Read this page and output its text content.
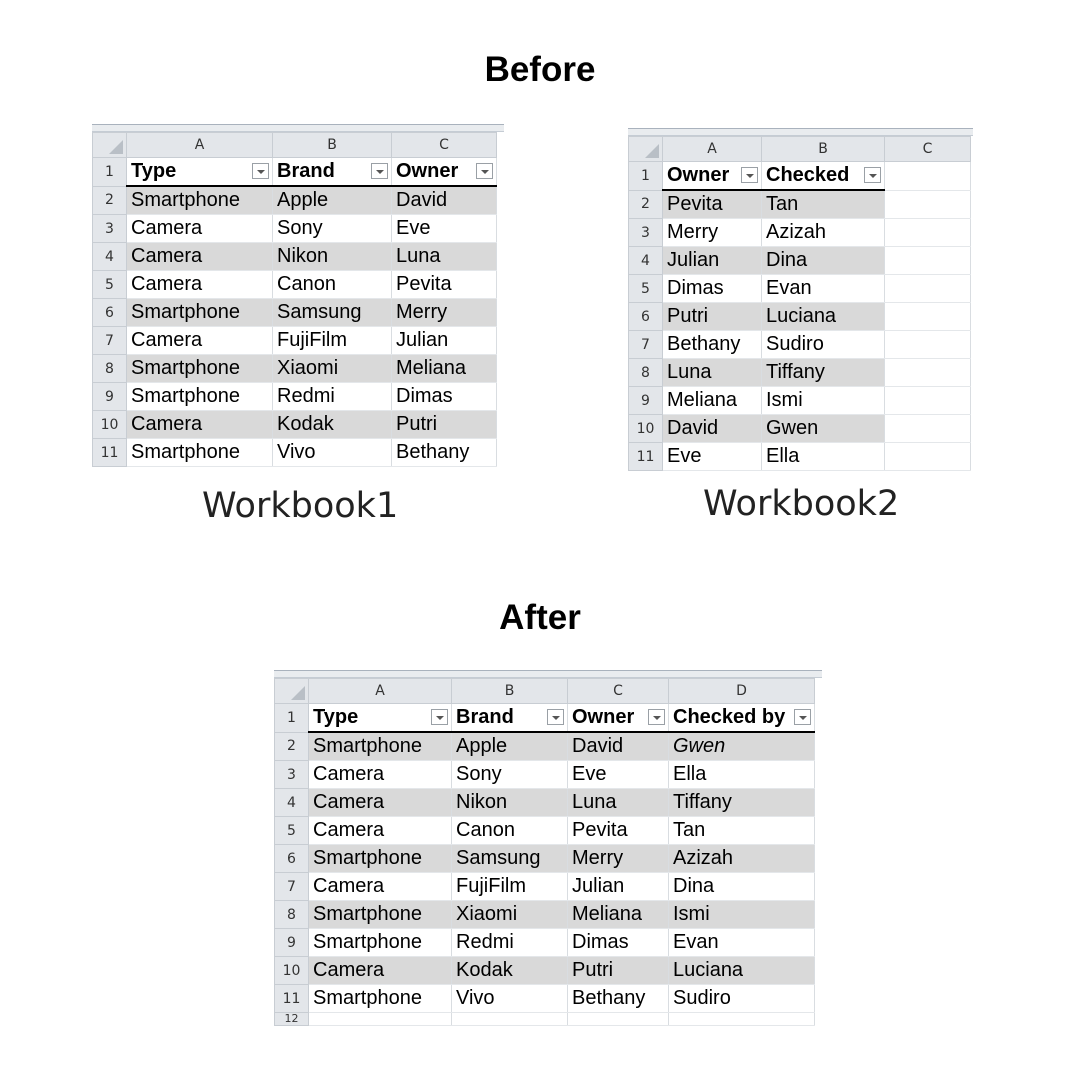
Before
After
Workbook1	Workbook2
	A	B	C
1	Type	Brand	Owner

2	Smartphone	Apple	David
3	Camera	Sony	Eve
4	Camera	Nikon	Luna
5	Camera	Canon	Pevita
6	Smartphone	Samsung	Merry
7	Camera	FujiFilm	Julian
8	Smartphone	Xiaomi	Meliana
9	Smartphone	Redmi	Dimas
10	Camera	Kodak	Putri
11	Smartphone	Vivo	Bethany
	A	B	C
1	Owner	Checked

2	Pevita	Tan	
3	Merry	Azizah	
4	Julian	Dina	
5	Dimas	Evan	
6	Putri	Luciana	
7	Bethany	Sudiro	
8	Luna	Tiffany	
9	Meliana	Ismi	
10	David	Gwen	
11	Eve	Ella	
	A	B	C	D
1	Type	Brand	Owner	Checked by

2	Smartphone	Apple	David	Gwen
3	Camera	Sony	Eve	Ella
4	Camera	Nikon	Luna	Tiffany
5	Camera	Canon	Pevita	Tan
6	Smartphone	Samsung	Merry	Azizah
7	Camera	FujiFilm	Julian	Dina
8	Smartphone	Xiaomi	Meliana	Ismi
9	Smartphone	Redmi	Dimas	Evan
10	Camera	Kodak	Putri	Luciana
11	Smartphone	Vivo	Bethany	Sudiro
12				
